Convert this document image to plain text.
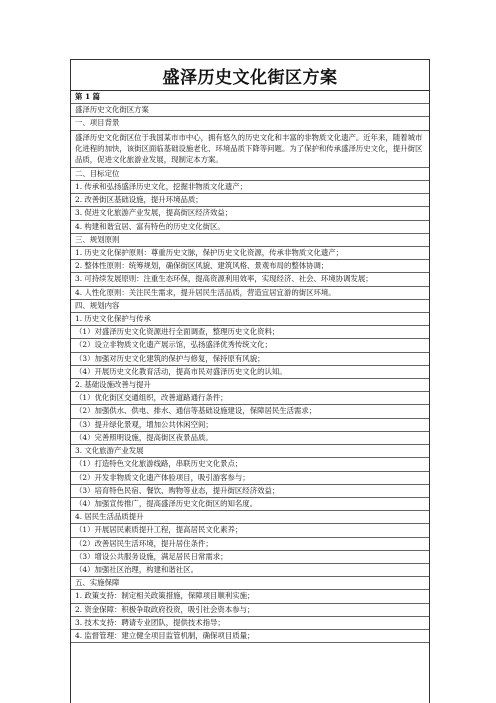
盛泽历史文化街区方案
第 1 篇
盛泽历史文化街区方案
一、项目背景
盛泽历史文化街区位于我国某市市中心，拥有悠久的历史文化和丰富的非物质文化遗产。近年来，随着城市化进程的加快，该街区面临基础设施老化、环境品质下降等问题。为了保护和传承盛泽历史文化，提升街区品质，促进文化旅游业发展，现制定本方案。
二、目标定位
1. 传承和弘扬盛泽历史文化，挖掘非物质文化遗产；
2. 改善街区基础设施，提升环境品质；
3. 促进文化旅游产业发展，提高街区经济效益；
4. 构建和谐宜居、富有特色的历史文化街区。
三、规划原则
1. 历史文化保护原则：尊重历史文脉，保护历史文化资源，传承非物质文化遗产；
2. 整体性原则：统筹规划，确保街区风貌、建筑风格、景观布局的整体协调；
3. 可持续发展原则：注重生态环保，提高资源利用效率，实现经济、社会、环境协调发展；
4. 人性化原则：关注民生需求，提升居民生活品质，营造宜居宜游的街区环境。
四、规划内容
1. 历史文化保护与传承
（1）对盛泽历史文化资源进行全面调查，整理历史文化资料；
（2）设立非物质文化遗产展示馆，弘扬盛泽优秀传统文化；
（3）加强对历史文化建筑的保护与修复，保持原有风貌；
（4）开展历史文化教育活动，提高市民对盛泽历史文化的认知。
2. 基础设施改善与提升
（1）优化街区交通组织，改善道路通行条件；
（2）加强供水、供电、排水、通信等基础设施建设，保障居民生活需求；
（3）提升绿化景观，增加公共休闲空间；
（4）完善照明设施，提高街区夜景品质。
3. 文化旅游产业发展
（1）打造特色文化旅游线路，串联历史文化景点；
（2）开发非物质文化遗产体验项目，吸引游客参与；
（3）培育特色民宿、餐饮、购物等业态，提升街区经济效益；
（4）加强宣传推广，提高盛泽历史文化街区的知名度。
4. 居民生活品质提升
（1）开展居民素质提升工程，提高居民文化素养；
（2）改善居民生活环境，提升居住条件；
（3）增设公共服务设施，满足居民日常需求；
（4）加强社区治理，构建和谐社区。
五、实施保障
1. 政策支持：制定相关政策措施，保障项目顺利实施；
2. 资金保障：积极争取政府投资，吸引社会资本参与；
3. 技术支持：聘请专业团队，提供技术指导；
4. 监督管理：建立健全项目监管机制，确保项目质量；
